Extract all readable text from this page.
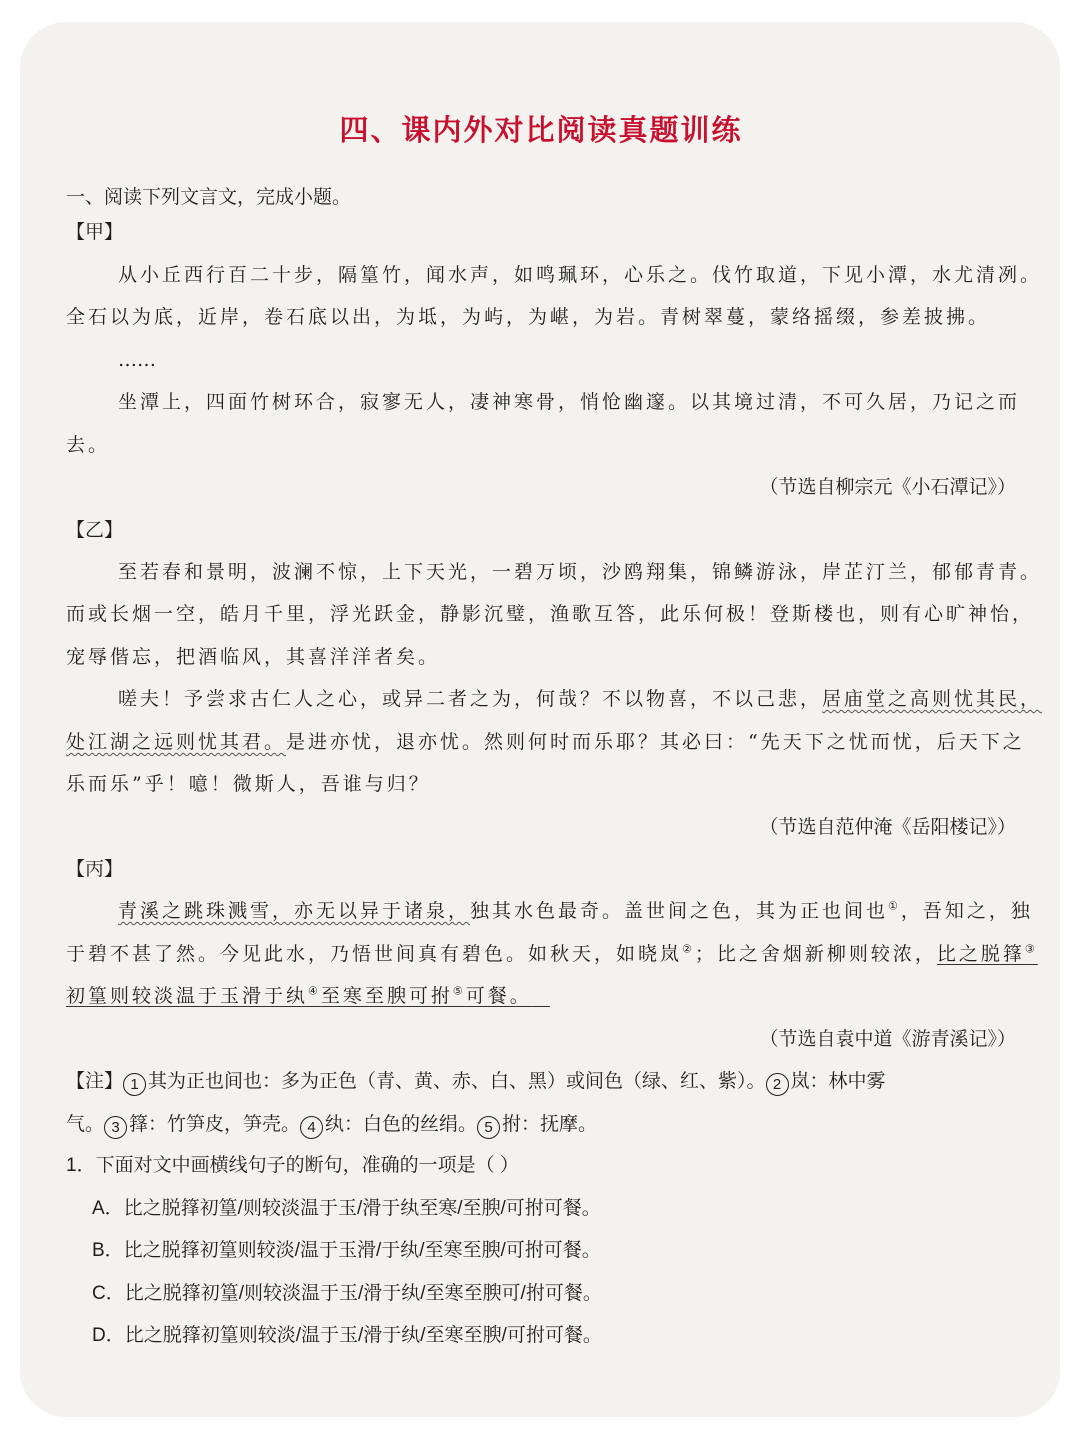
四、课内外对比阅读真题训练
一、阅读下列文言文，完成小题。
【甲】
从小丘西行百二十步，隔篁竹，闻水声，如鸣珮环，心乐之。伐竹取道，下见小潭，水尤清冽。
全石以为底，近岸，卷石底以出，为坻，为屿，为嵁，为岩。青树翠蔓，蒙络摇缀，参差披拂。
……
坐潭上，四面竹树环合，寂寥无人，凄神寒骨，悄怆幽邃。以其境过清，不可久居，乃记之而
去。
（节选自柳宗元《小石潭记》）
【乙】
至若春和景明，波澜不惊，上下天光，一碧万顷，沙鸥翔集，锦鳞游泳，岸芷汀兰，郁郁青青。
而或长烟一空，皓月千里，浮光跃金，静影沉璧，渔歌互答，此乐何极！登斯楼也，则有心旷神怡，
宠辱偕忘，把酒临风，其喜洋洋者矣。
嗟夫！予尝求古仁人之心，或异二者之为，何哉？不以物喜，不以己悲，居庙堂之高则忧其民，
处江湖之远则忧其君。是进亦忧，退亦忧。然则何时而乐耶？其必曰：“先天下之忧而忧，后天下之
乐而乐”乎！噫！微斯人，吾谁与归？
（节选自范仲淹《岳阳楼记》）
【丙】
青溪之跳珠溅雪，亦无以异于诸泉，独其水色最奇。盖世间之色，其为正也间也①，吾知之，独
于碧不甚了然。今见此水，乃悟世间真有碧色。如秋天，如晓岚②；比之舍烟新柳则较浓，比之脱箨③
初篁则较淡温于玉滑于纨④至寒至腴可拊⑤可餐。
（节选自袁中道《游青溪记》）
【注】 1 其为正也间也：多为正色（青、黄、赤、白、黑）或间色（绿、红、紫）。 2 岚：林中雾
气。 3 箨：竹笋皮，笋壳。 4 纨：白色的丝绢。 5 拊：抚摩。
1．下面对文中画横线句子的断句，准确的一项是（ ）
A．比之脱箨初篁/则较淡温于玉/滑于纨至寒/至腴/可拊可餐。
B．比之脱箨初篁则较淡/温于玉滑/于纨/至寒至腴/可拊可餐。
C．比之脱箨初篁/则较淡温于玉/滑于纨/至寒至腴可/拊可餐。
D．比之脱箨初篁则较淡/温于玉/滑于纨/至寒至腴/可拊可餐。
